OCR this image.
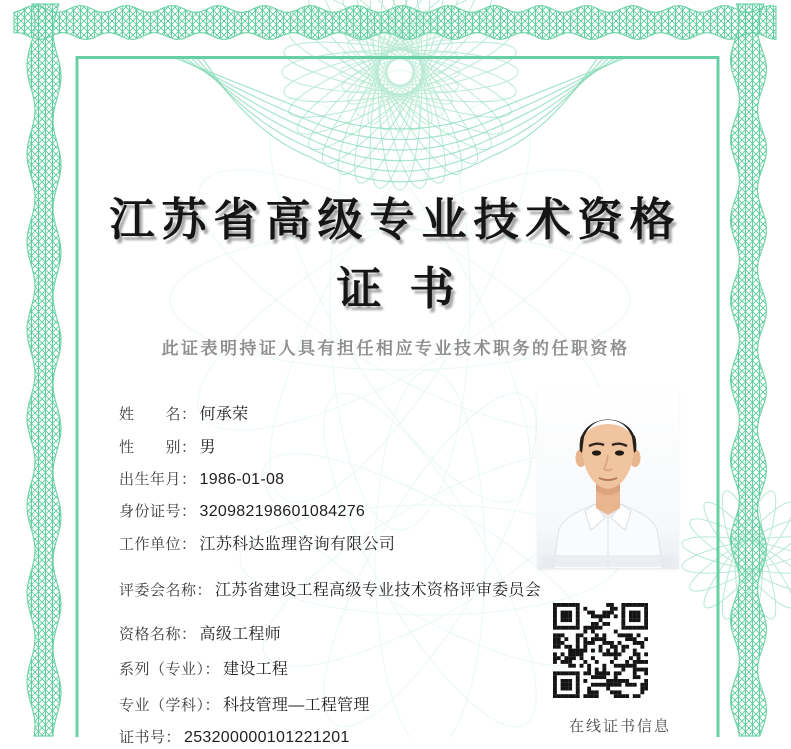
江苏省高级专业技术资格
证书
此证表明持证人具有担任相应专业技术职务的任职资格
姓　　名： 何承荣
性　　别： 男
出生年月： 1986-01-08
身份证号： 320982198601084276
工作单位： 江苏科达监理咨询有限公司
评委会名称： 江苏省建设工程高级专业技术资格评审委员会
资格名称： 高级工程师
系列（专业）： 建设工程
专业（学科）： 科技管理—工程管理
证书号： 253200000101221201
在线证书信息
